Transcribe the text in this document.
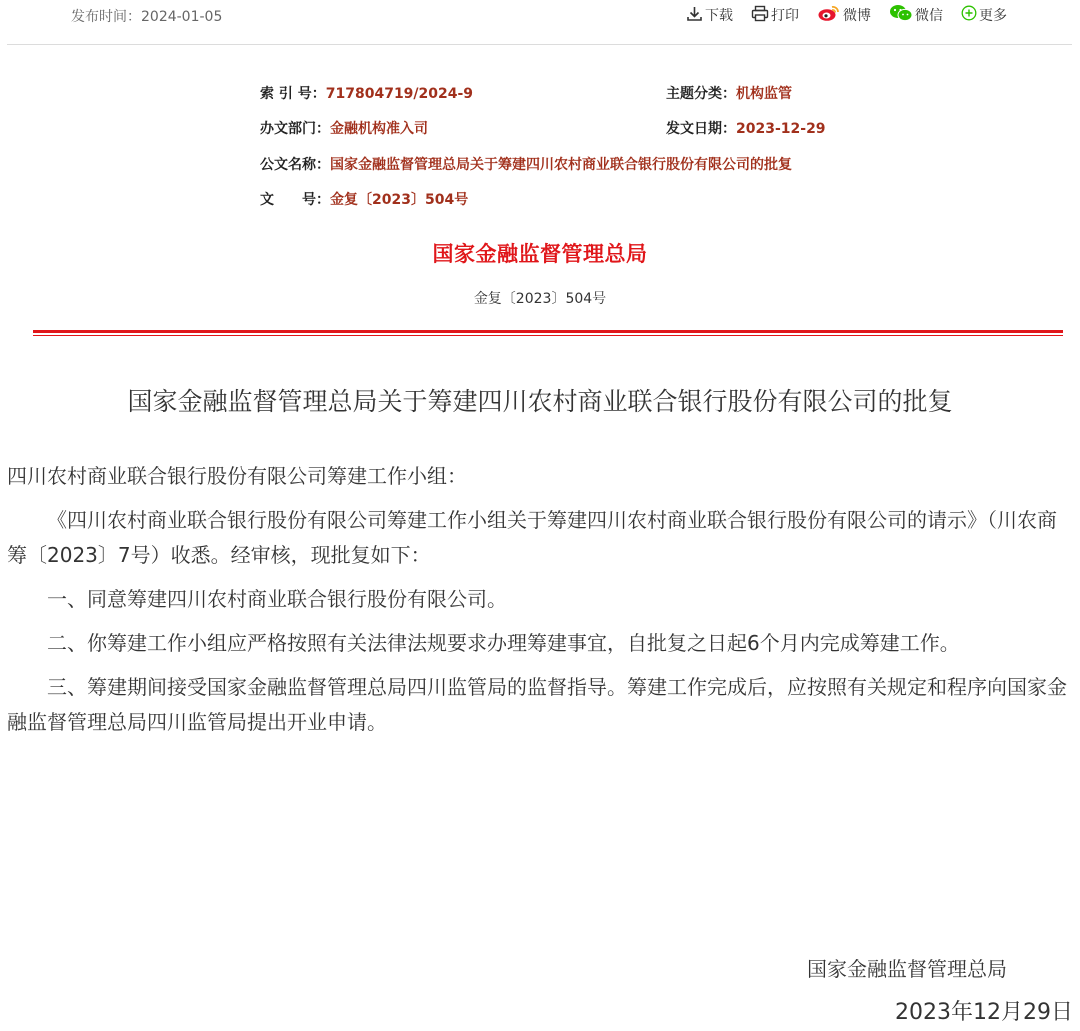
发布时间：2024-01-05	下载	打印	微博	微信	更多
索 引 号：717804719/2024-9	主题分类：机构监管
办文部门：金融机构准入司	发文日期：2023-12-29
公文名称：国家金融监督管理总局关于筹建四川农村商业联合银行股份有限公司的批复
文　　号：金复〔2023〕504号
国家金融监督管理总局
金复〔2023〕504号
国家金融监督管理总局关于筹建四川农村商业联合银行股份有限公司的批复

四川农村商业联合银行股份有限公司筹建工作小组：

《四川农村商业联合银行股份有限公司筹建工作小组关于筹建四川农村商业联合银行股份有限公司的请示》（川农商筹〔2023〕7号）收悉。经审核，现批复如下：

一、同意筹建四川农村商业联合银行股份有限公司。

二、你筹建工作小组应严格按照有关法律法规要求办理筹建事宜，自批复之日起6个月内完成筹建工作。

三、筹建期间接受国家金融监督管理总局四川监管局的监督指导。筹建工作完成后，应按照有关规定和程序向国家金融监督管理总局四川监管局提出开业申请。

国家金融监督管理总局
2023年12月29日
